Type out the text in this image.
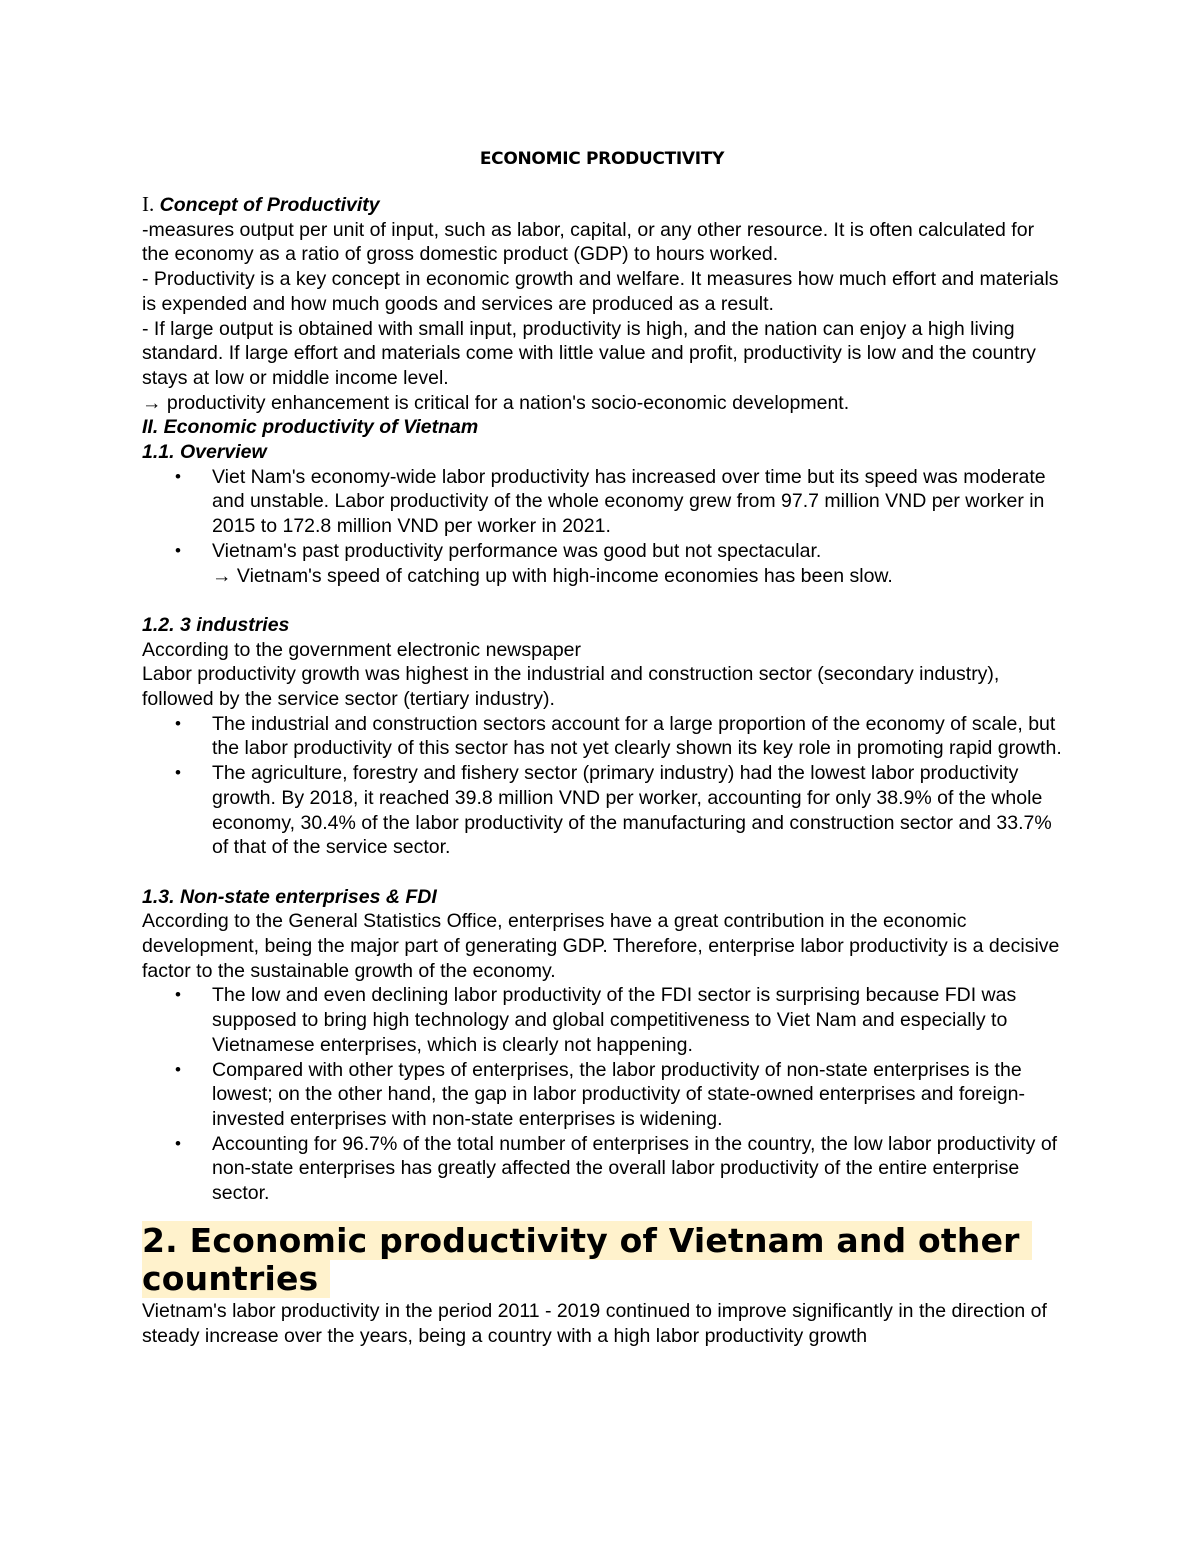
ECONOMIC PRODUCTIVITY

I. Concept of Productivity

-measures output per unit of input, such as labor, capital, or any other resource. It is often calculated for the economy as a ratio of gross domestic product (GDP) to hours worked.

- Productivity is a key concept in economic growth and welfare. It measures how much effort and materials is expended and how much goods and services are produced as a result.

- If large output is obtained with small input, productivity is high, and the nation can enjoy a high living standard. If large effort and materials come with little value and profit, productivity is low and the country stays at low or middle income level.

→ productivity enhancement is critical for a nation's socio-economic development.

II. Economic productivity of Vietnam

1.1. Overview

• Viet Nam's economy-wide labor productivity has increased over time but its speed was moderate and unstable. Labor productivity of the whole economy grew from 97.7 million VND per worker in 2015 to 172.8 million VND per worker in 2021.
• Vietnam's past productivity performance was good but not spectacular.
→ Vietnam's speed of catching up with high-income economies has been slow.

1.2. 3 industries

According to the government electronic newspaper

Labor productivity growth was highest in the industrial and construction sector (secondary industry), followed by the service sector (tertiary industry).

• The industrial and construction sectors account for a large proportion of the economy of scale, but the labor productivity of this sector has not yet clearly shown its key role in promoting rapid growth.
• The agriculture, forestry and fishery sector (primary industry) had the lowest labor productivity growth. By 2018, it reached 39.8 million VND per worker, accounting for only 38.9% of the whole economy, 30.4% of the labor productivity of the manufacturing and construction sector and 33.7% of that of the service sector.

1.3. Non-state enterprises & FDI

According to the General Statistics Office, enterprises have a great contribution in the economic development, being the major part of generating GDP. Therefore, enterprise labor productivity is a decisive factor to the sustainable growth of the economy.

• The low and even declining labor productivity of the FDI sector is surprising because FDI was supposed to bring high technology and global competitiveness to Viet Nam and especially to Vietnamese enterprises, which is clearly not happening.
• Compared with other types of enterprises, the labor productivity of non-state enterprises is the lowest; on the other hand, the gap in labor productivity of state-owned enterprises and foreign-invested enterprises with non-state enterprises is widening.
• Accounting for 96.7% of the total number of enterprises in the country, the low labor productivity of non-state enterprises has greatly affected the overall labor productivity of the entire enterprise sector.
2. Economic productivity of Vietnam and other countries

Vietnam's labor productivity in the period 2011 - 2019 continued to improve significantly in the direction of steady increase over the years, being a country with a high labor productivity growth
